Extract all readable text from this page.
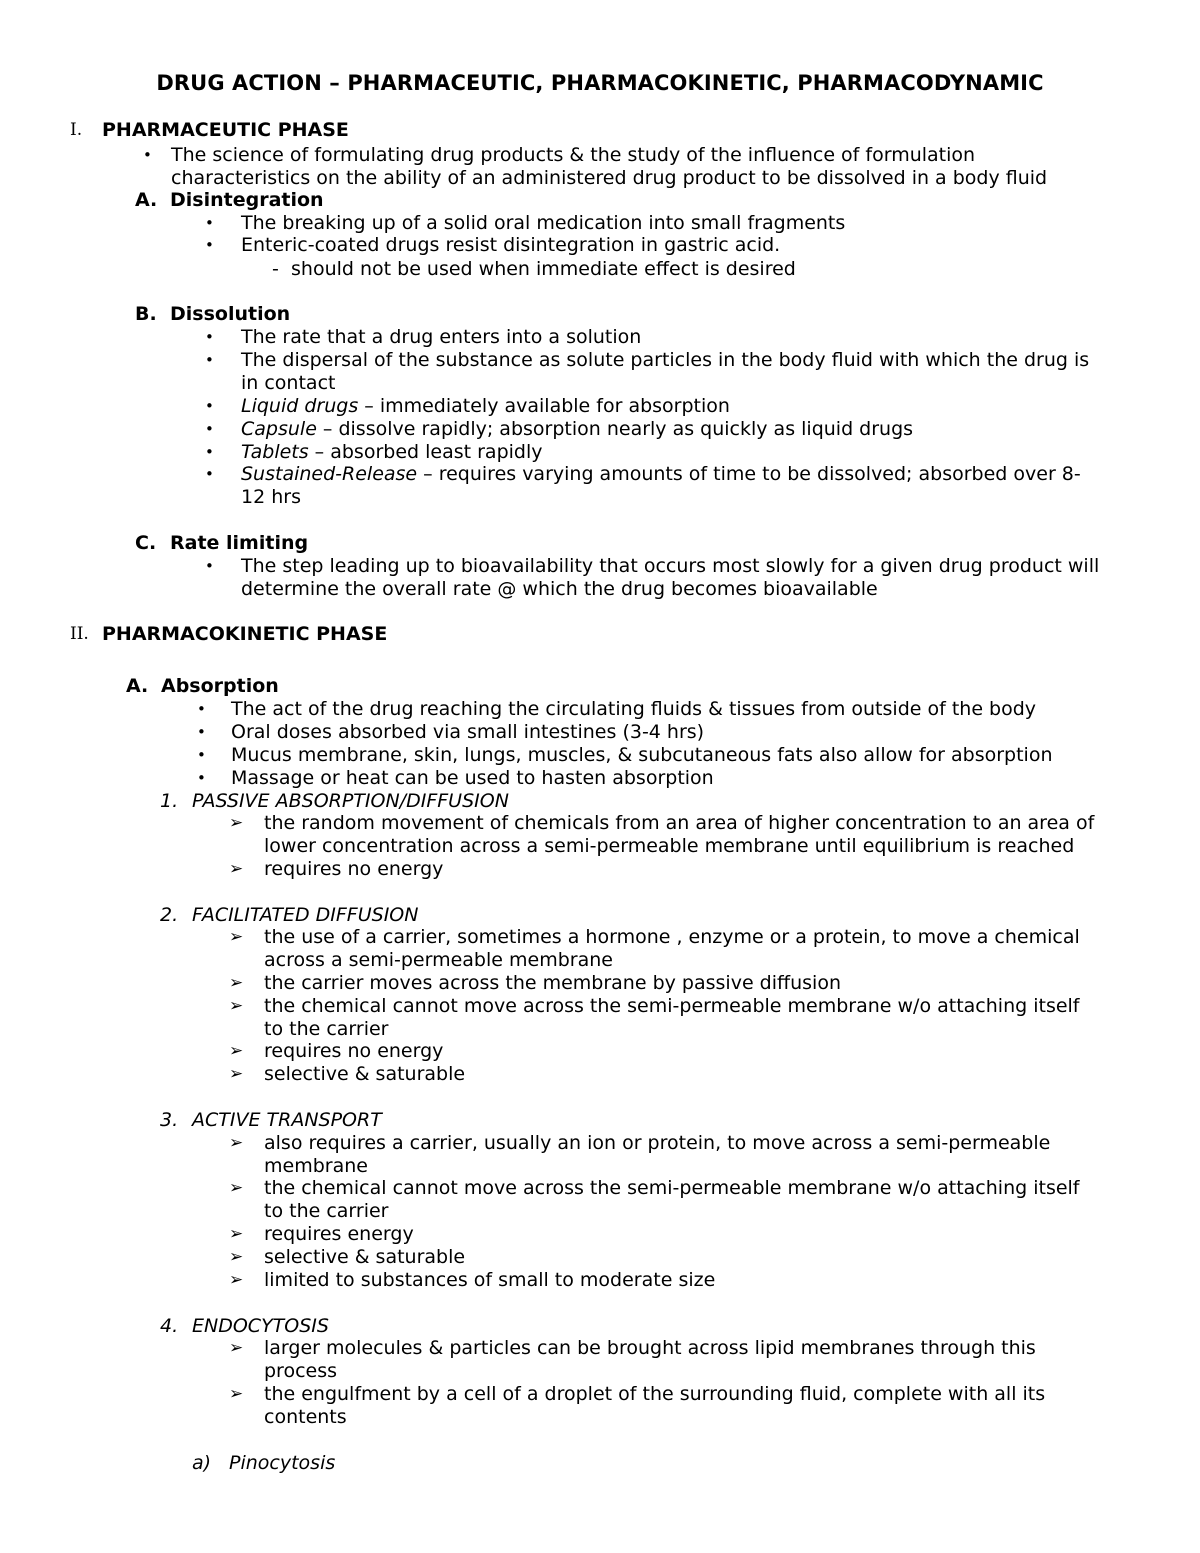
DRUG ACTION – PHARMACEUTIC, PHARMACOKINETIC, PHARMACODYNAMIC
I. PHARMACEUTIC PHASE
• The science of formulating drug products & the study of the influence of formulation
characteristics on the ability of an administered drug product to be dissolved in a body fluid
A. Disintegration
• The breaking up of a solid oral medication into small fragments
• Enteric-coated drugs resist disintegration in gastric acid.
- should not be used when immediate effect is desired
B. Dissolution
• The rate that a drug enters into a solution
• The dispersal of the substance as solute particles in the body fluid with which the drug is
in contact
• Liquid drugs – immediately available for absorption
• Capsule – dissolve rapidly; absorption nearly as quickly as liquid drugs
• Tablets – absorbed least rapidly
• Sustained-Release – requires varying amounts of time to be dissolved; absorbed over 8-
12 hrs
C. Rate limiting
• The step leading up to bioavailability that occurs most slowly for a given drug product will
determine the overall rate @ which the drug becomes bioavailable
II. PHARMACOKINETIC PHASE
A. Absorption
• The act of the drug reaching the circulating fluids & tissues from outside of the body
• Oral doses absorbed via small intestines (3-4 hrs)
• Mucus membrane, skin, lungs, muscles, & subcutaneous fats also allow for absorption
• Massage or heat can be used to hasten absorption
1. PASSIVE ABSORPTION/DIFFUSION
➢ the random movement of chemicals from an area of higher concentration to an area of
lower concentration across a semi-permeable membrane until equilibrium is reached
➢ requires no energy
2. FACILITATED DIFFUSION
➢ the use of a carrier, sometimes a hormone , enzyme or a protein, to move a chemical
across a semi-permeable membrane
➢ the carrier moves across the membrane by passive diffusion
➢ the chemical cannot move across the semi-permeable membrane w/o attaching itself
to the carrier
➢ requires no energy
➢ selective & saturable
3. ACTIVE TRANSPORT
➢ also requires a carrier, usually an ion or protein, to move across a semi-permeable
membrane
➢ the chemical cannot move across the semi-permeable membrane w/o attaching itself
to the carrier
➢ requires energy
➢ selective & saturable
➢ limited to substances of small to moderate size
4. ENDOCYTOSIS
➢ larger molecules & particles can be brought across lipid membranes through this
process
➢ the engulfment by a cell of a droplet of the surrounding fluid, complete with all its
contents
a) Pinocytosis
